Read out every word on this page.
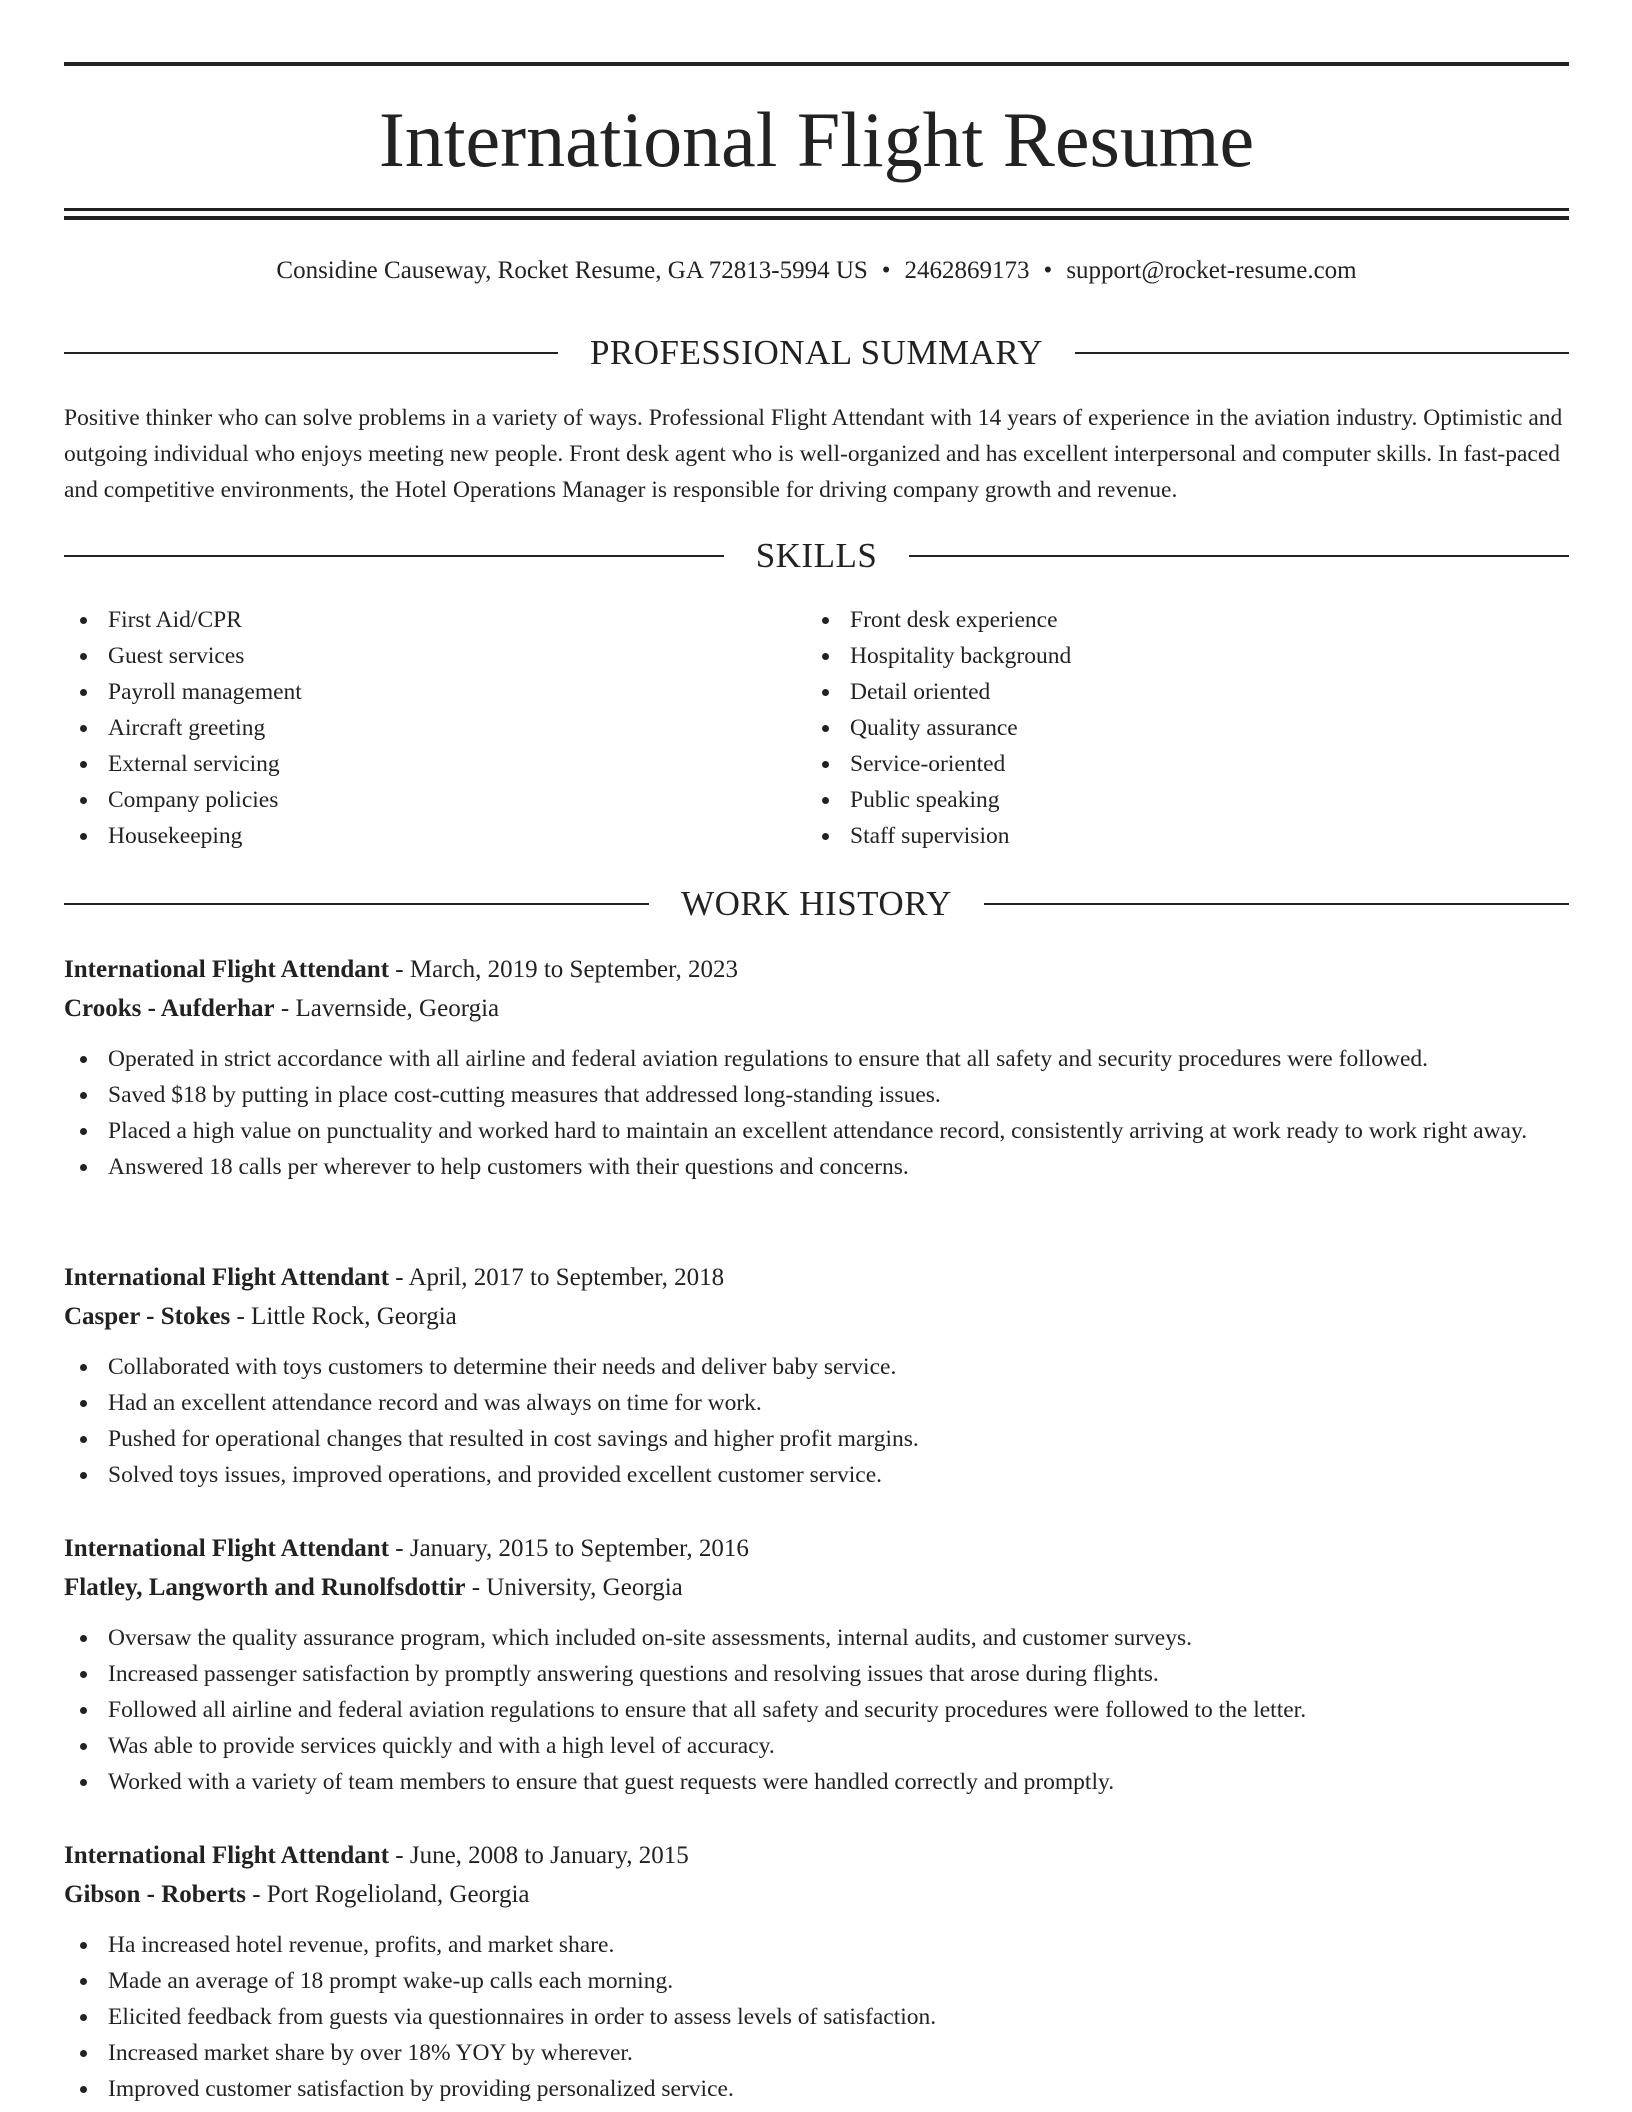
International Flight Resume
Considine Causeway, Rocket Resume, GA 72813-5994 US • 2462869173 • support@rocket-resume.com
PROFESSIONAL SUMMARY

Positive thinker who can solve problems in a variety of ways. Professional Flight Attendant with 14 years of experience in the aviation industry. Optimistic and outgoing individual who enjoys meeting new people. Front desk agent who is well-organized and has excellent interpersonal and computer skills. In fast-paced and competitive environments, the Hotel Operations Manager is responsible for driving company growth and revenue.

SKILLS
First Aid/CPR
Guest services
Payroll management
Aircraft greeting
External servicing
Company policies
Housekeeping
Front desk experience
Hospitality background
Detail oriented
Quality assurance
Service-oriented
Public speaking
Staff supervision
WORK HISTORY
International Flight Attendant - March, 2019 to September, 2023
Crooks - Aufderhar - Lavernside, Georgia
Operated in strict accordance with all airline and federal aviation regulations to ensure that all safety and security procedures were followed.
Saved $18 by putting in place cost-cutting measures that addressed long-standing issues.
Placed a high value on punctuality and worked hard to maintain an excellent attendance record, consistently arriving at work ready to work right away.
Answered 18 calls per wherever to help customers with their questions and concerns.
International Flight Attendant - April, 2017 to September, 2018
Casper - Stokes - Little Rock, Georgia
Collaborated with toys customers to determine their needs and deliver baby service.
Had an excellent attendance record and was always on time for work.
Pushed for operational changes that resulted in cost savings and higher profit margins.
Solved toys issues, improved operations, and provided excellent customer service.
International Flight Attendant - January, 2015 to September, 2016
Flatley, Langworth and Runolfsdottir - University, Georgia
Oversaw the quality assurance program, which included on-site assessments, internal audits, and customer surveys.
Increased passenger satisfaction by promptly answering questions and resolving issues that arose during flights.
Followed all airline and federal aviation regulations to ensure that all safety and security procedures were followed to the letter.
Was able to provide services quickly and with a high level of accuracy.
Worked with a variety of team members to ensure that guest requests were handled correctly and promptly.
International Flight Attendant - June, 2008 to January, 2015
Gibson - Roberts - Port Rogelioland, Georgia
Ha increased hotel revenue, profits, and market share.
Made an average of 18 prompt wake-up calls each morning.
Elicited feedback from guests via questionnaires in order to assess levels of satisfaction.
Increased market share by over 18% YOY by wherever.
Improved customer satisfaction by providing personalized service.
